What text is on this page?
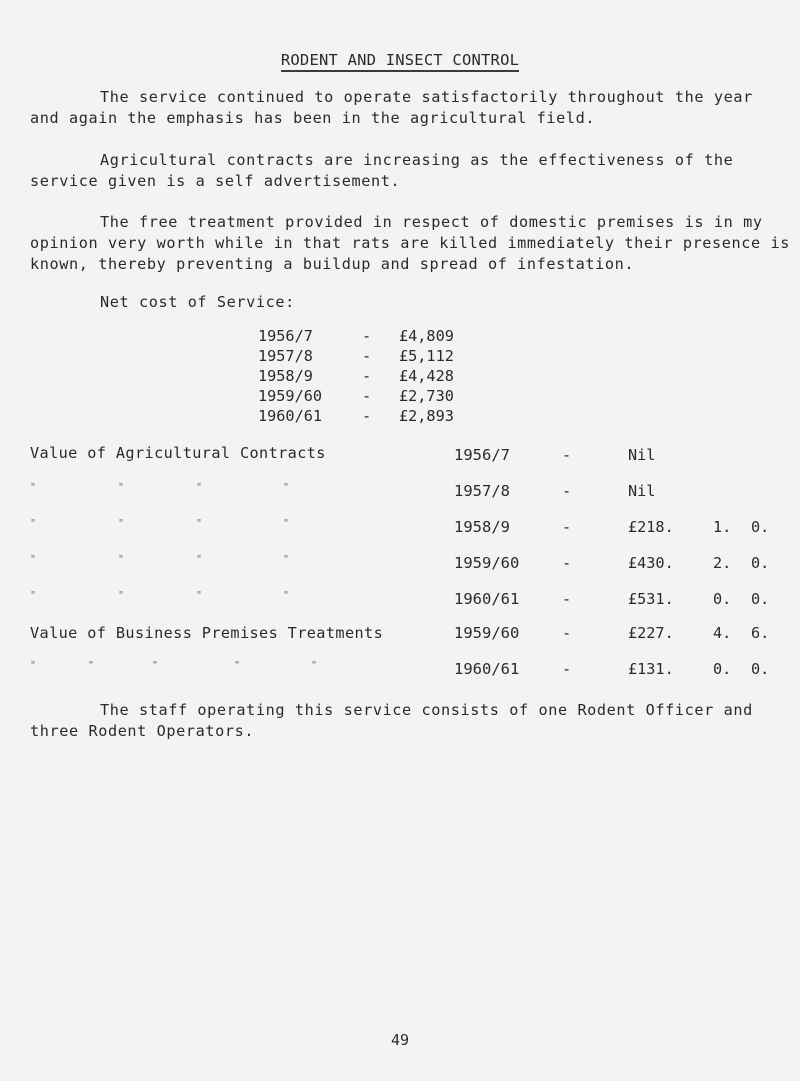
RODENT AND INSECT CONTROL
The service continued to operate satisfactorily throughout the year and again the emphasis has been in the agricultural field.
Agricultural contracts are increasing as the effectiveness of the service given is a self advertisement.
The free treatment provided in respect of domestic premises is in my opinion very worth while in that rats are killed immediately their presence is known, thereby preventing a buildup and spread of infestation.
Net cost of Service:
1956/7	- £4,809
1957/8	- £5,112
1958/9	- £4,428
1959/60	- £2,730
1960/61	- £2,893
Value of Agricultural Contracts	1956/7	-	Nil
"	"	"	"	1957/8	-	Nil
"	"	"	"	1958/9	-	£218.	1. 0.
"	"	"	"	1959/60	-	£430.	2. 0.
"	"	"	"	1960/61	-	£531.	0. 0.
Value of Business Premises Treatments	1959/60	-	£227.	4. 6.
"	"	"	"	"	1960/61	-	£131.	0. 0.
The staff operating this service consists of one Rodent Officer and three Rodent Operators.
49
